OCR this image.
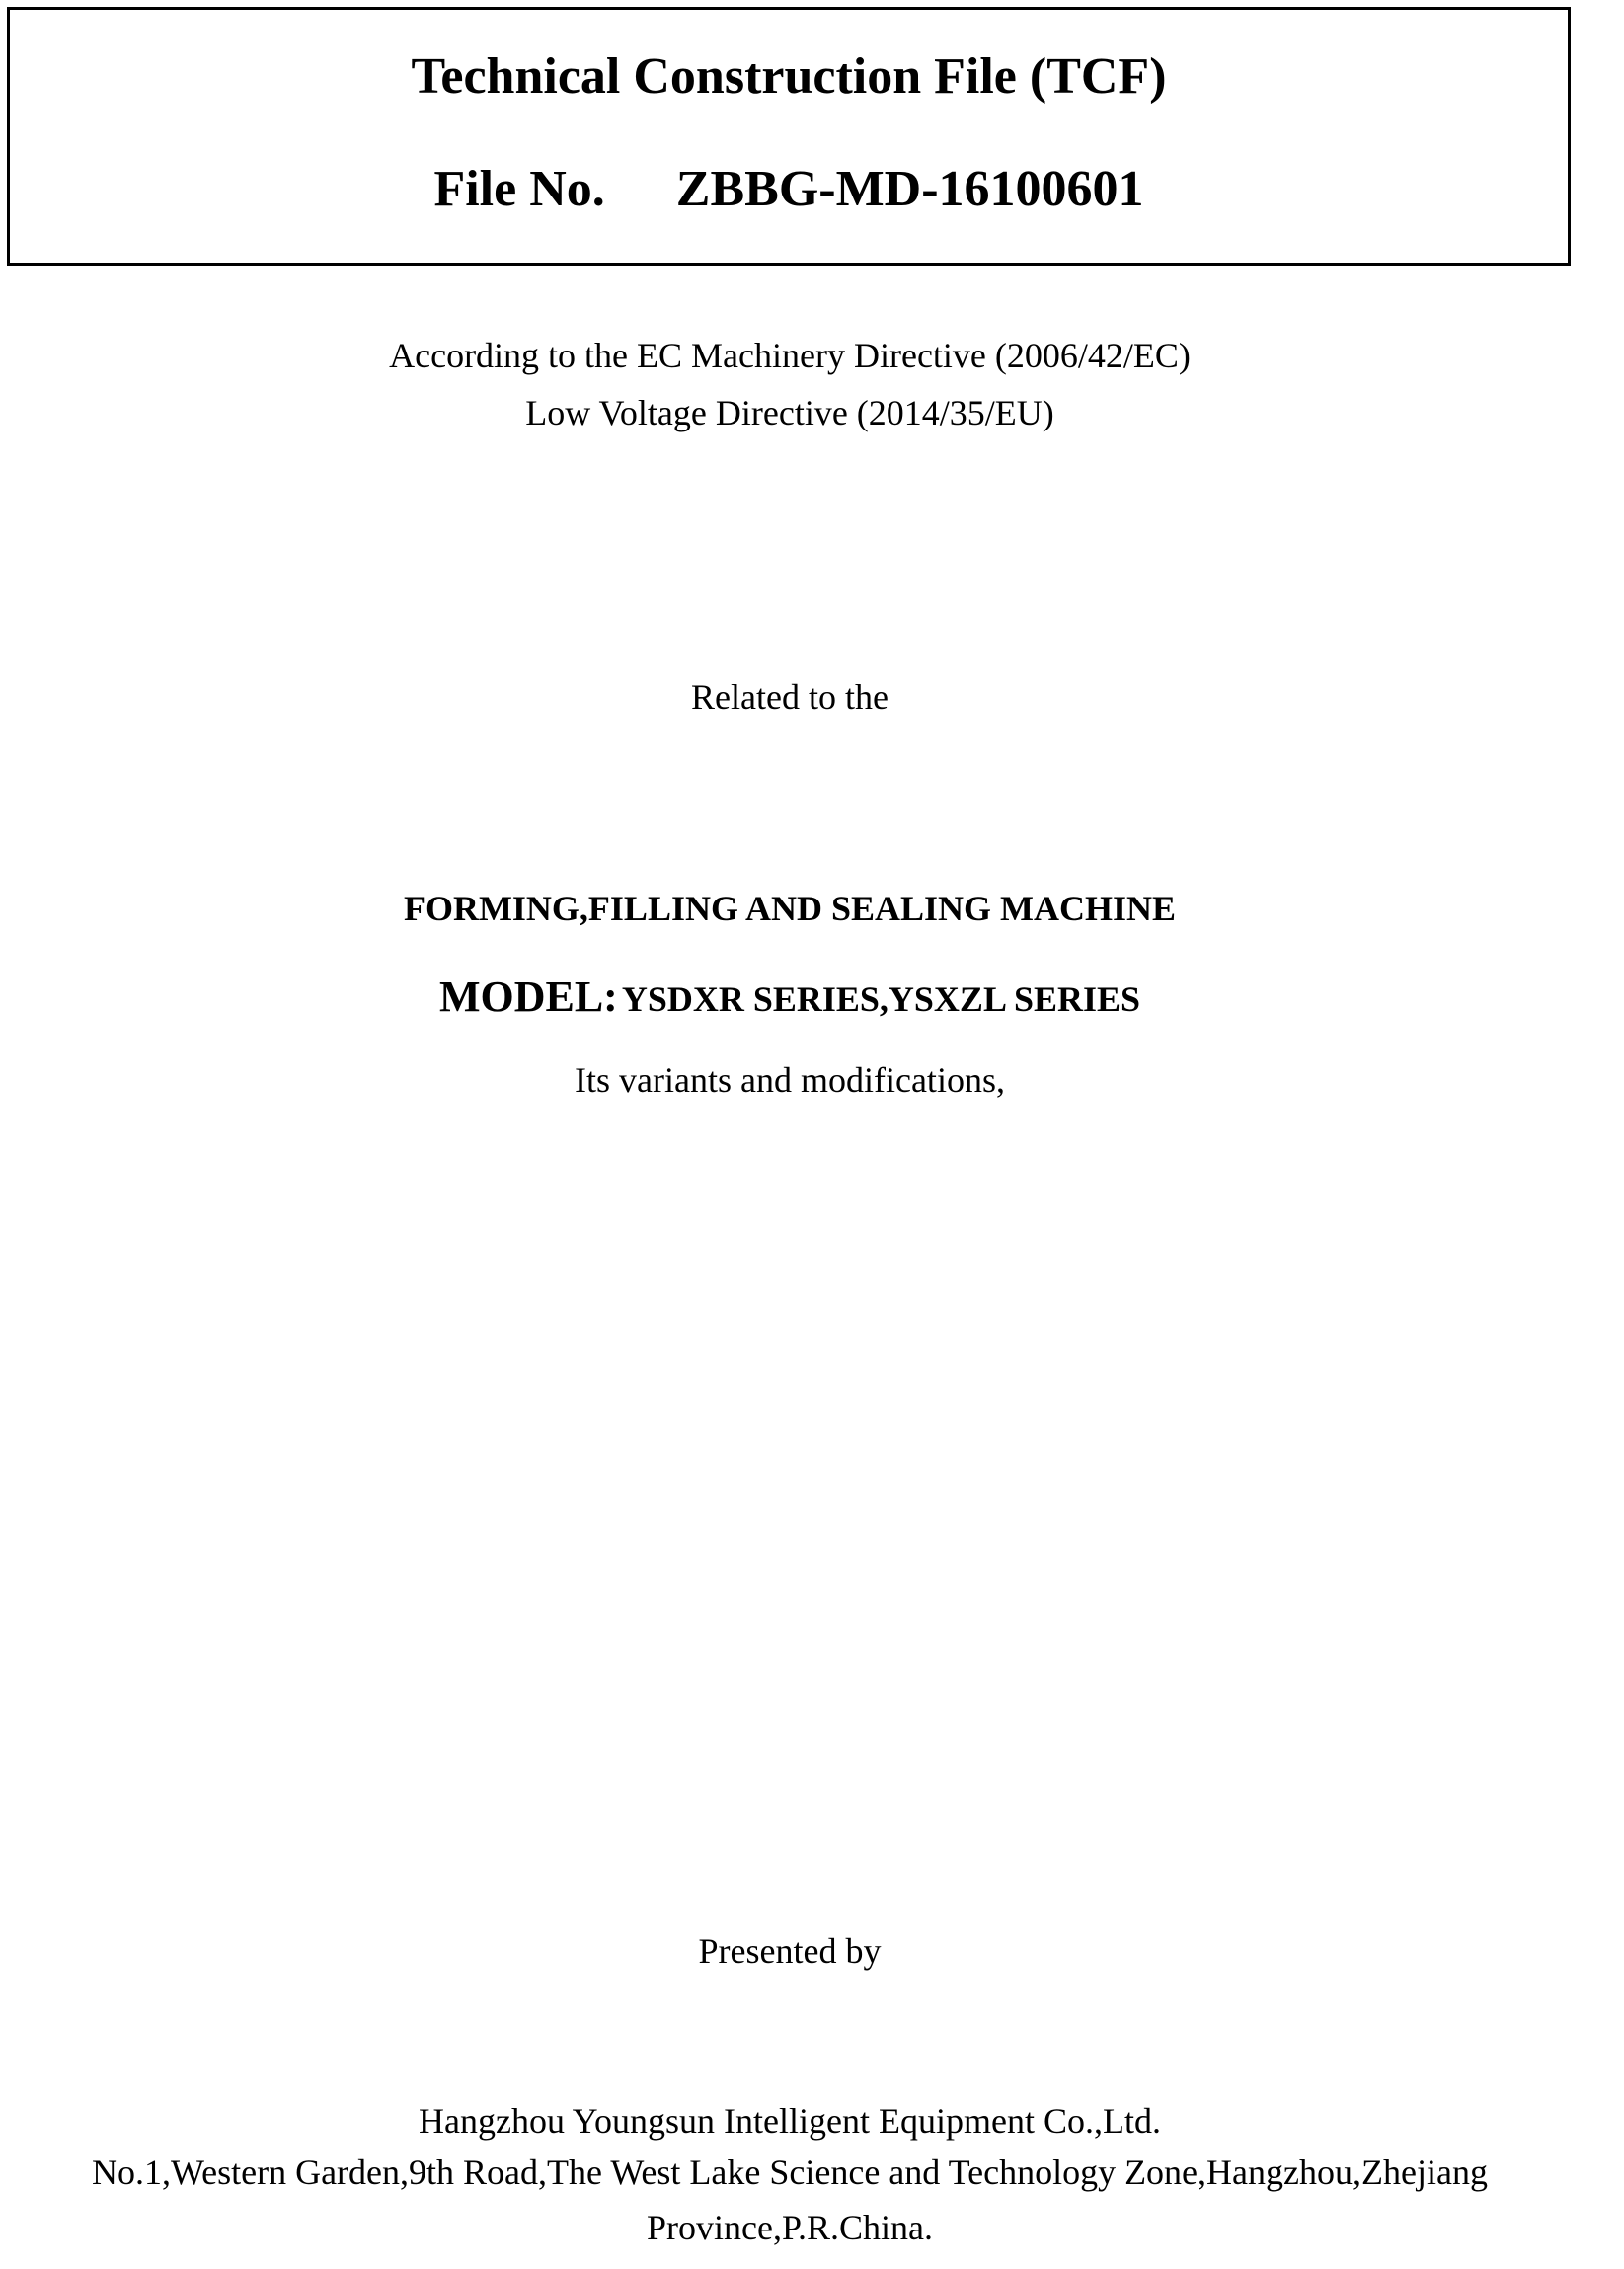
Technical Construction File (TCF)
File No. ZBBG-MD-16100601
According to the EC Machinery Directive (2006/42/EC)
Low Voltage Directive (2014/35/EU)
Related to the
FORMING,FILLING AND SEALING MACHINE
MODEL: YSDXR SERIES,YSXZL SERIES
Its variants and modifications,
Presented by
Hangzhou Youngsun Intelligent Equipment Co.,Ltd.
No.1,Western Garden,9th Road,The West Lake Science and Technology Zone,Hangzhou,Zhejiang
Province,P.R.China.
